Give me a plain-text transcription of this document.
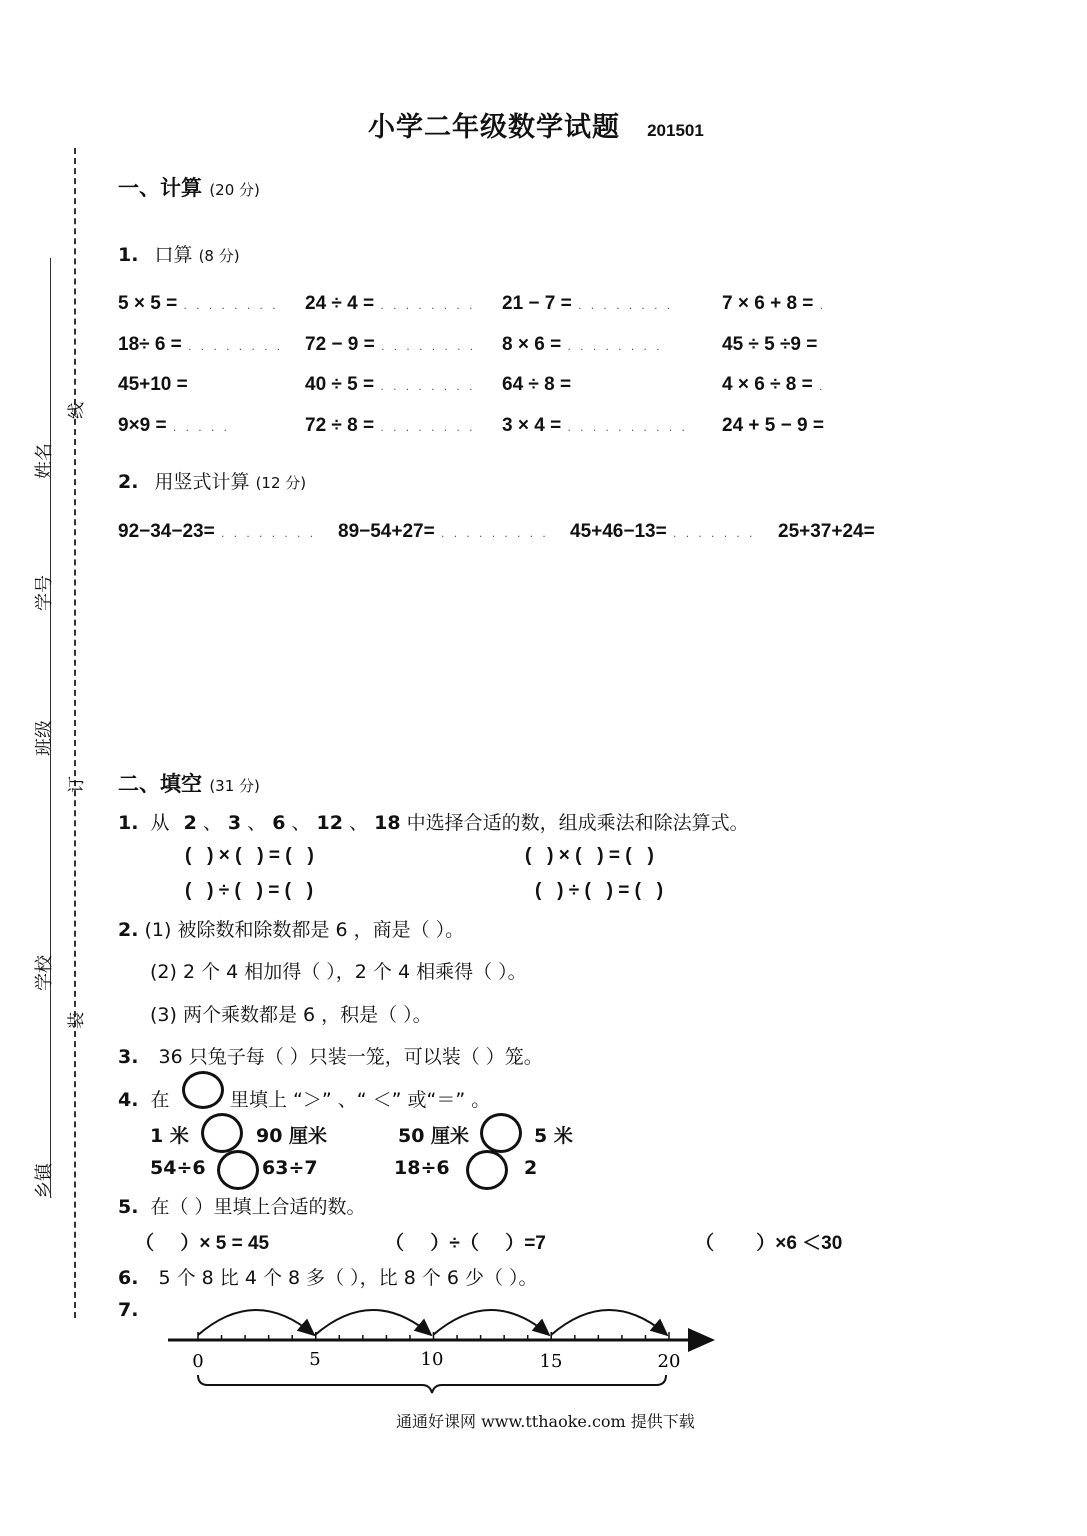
姓名
学号
班级
学校
乡镇
线
订
装
小学二年级数学试题 201501
一、计算 (20 分)
1. 口算 (8 分)
5 × 5 = . . . . . . . . 24 ÷ 4 = . . . . . . . . 21 − 7 = . . . . . . . .	7 × 6 + 8 = .
18÷ 6 = . . . . . . . . 72 − 9 = . . . . . . . . 8 × 6 = . . . . . . . .	45 ÷ 5 ÷9 =
45+10 =	40 ÷ 5 = . . . . . . . . 64 ÷ 8 =	4 × 6 ÷ 8 = .
9×9 = . . . . .	72 ÷ 8 = . . . . . . . . 3 × 4 = . . . . . . . . . . 24 + 5 − 9 =
2. 用竖式计算 (12 分)
92−34−23= . . . . . . . . 89−54+27= . . . . . . . . . 45+46−13= . . . . . . . 25+37+24=
二、填空 (31 分)
1. 从 2 、 3 、 6 、 12 、 18 中选择合适的数，组成乘法和除法算式。
(   ) × (   ) = (   )	(   ) × (   ) = (   )
(   ) ÷ (   ) = (   )	(   ) ÷ (   ) = (   )
2. (1) 被除数和除数都是 6 ，商是（ ）。
(2) 2 个 4 相加得（ ），2 个 4 相乘得（ ）。
(3) 两个乘数都是 6 ，积是（ ）。
3. 36 只兔子每（ ）只装一笼，可以装（ ）笼。
4. 在	里填上 “＞” 、“ ＜” 或“＝” 。
1 米	90 厘米	50 厘米	5 米
54÷6	63÷7	18÷6	2
5. 在（ ）里填上合适的数。
（     ）× 5 = 45	（     ）÷（     ）=7	（        ）×6 ＜30
6. 5 个 8 比 4 个 8 多（ ），比 8 个 6 少（ ）。
7.
0	5	10	15	20
通通好课网 www.tthaoke.com 提供下载
